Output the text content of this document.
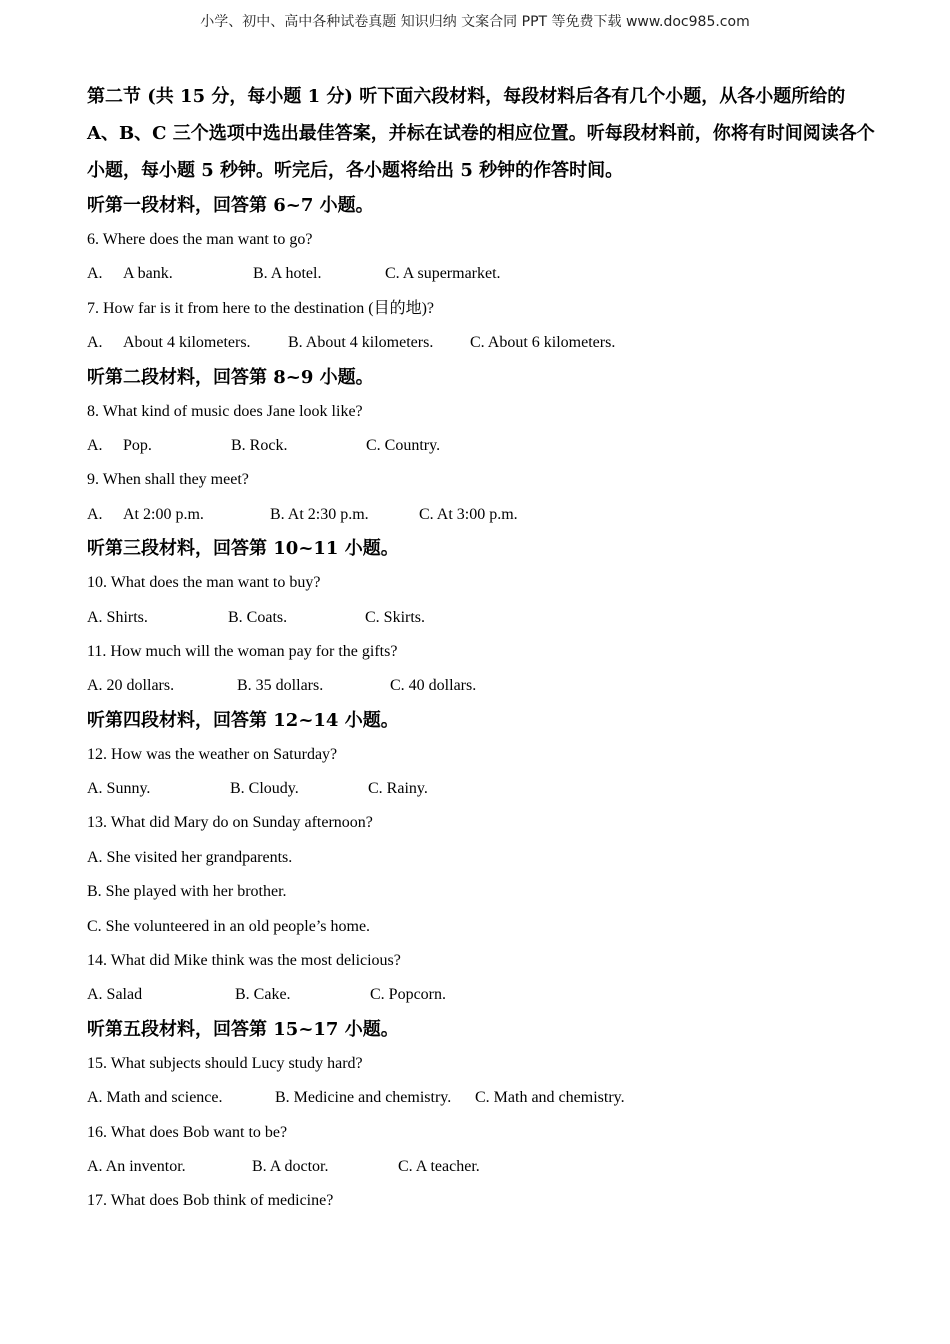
小学、初中、高中各种试卷真题 知识归纳 文案合同 PPT 等免费下载 www.doc985.com

第二节 (共 15 分，每小题 1 分) 听下面六段材料，每段材料后各有几个小题，从各小题所给的 A、B、C 三个选项中选出最佳答案，并标在试卷的相应位置。听每段材料前，你将有时间阅读各个小题，每小题 5 秒钟。听完后，各小题将给出 5 秒钟的作答时间。

听第一段材料，回答第 6~7 小题。

6. Where does the man want to go?

A.	A bank.	B. A hotel.	C. A supermarket.

7. How far is it from here to the destination (目的地)?

A.	About 4 kilometers.	B. About 4 kilometers.	C. About 6 kilometers.

听第二段材料，回答第 8~9 小题。

8. What kind of music does Jane look like?

A.	Pop.	B. Rock.	C. Country.

9. When shall they meet?

A.	At 2:00 p.m.	B. At 2:30 p.m.	C. At 3:00 p.m.

听第三段材料，回答第 10~11 小题。

10. What does the man want to buy?

A. Shirts.	B. Coats.	C. Skirts.

11. How much will the woman pay for the gifts?

A. 20 dollars.	B. 35 dollars.	C. 40 dollars.

听第四段材料，回答第 12~14 小题。

12. How was the weather on Saturday?

A. Sunny.	B. Cloudy.	C. Rainy.

13. What did Mary do on Sunday afternoon?

A. She visited her grandparents.

B. She played with her brother.

C. She volunteered in an old people’s home.

14. What did Mike think was the most delicious?

A. Salad	B. Cake.	C. Popcorn.

听第五段材料，回答第 15~17 小题。

15. What subjects should Lucy study hard?

A. Math and science.	B. Medicine and chemistry.	C. Math and chemistry.

16. What does Bob want to be?

A. An inventor.	B. A doctor.	C. A teacher.

17. What does Bob think of medicine?
